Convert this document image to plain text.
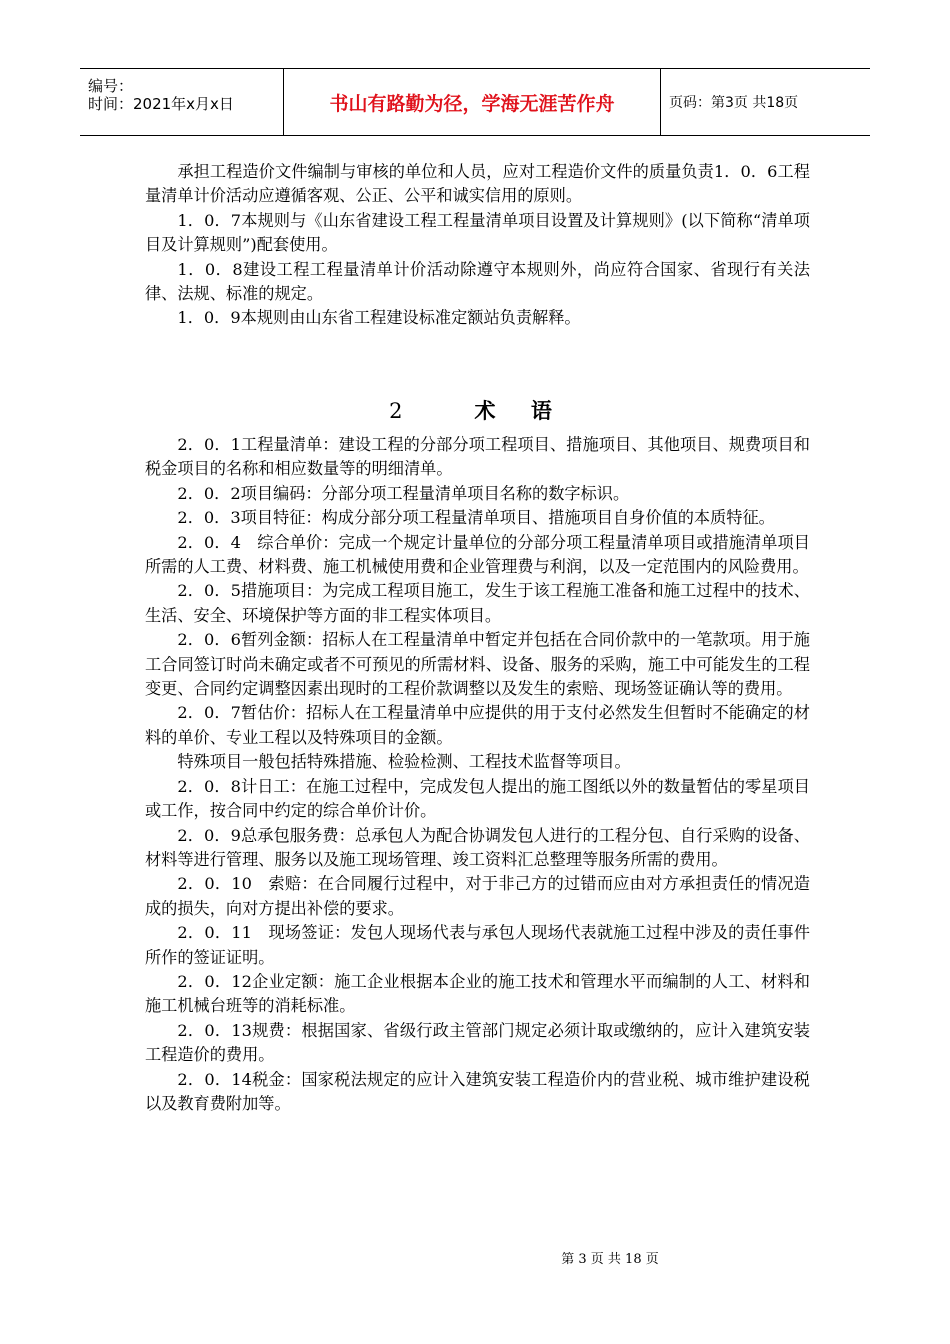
编号：
时间：2021年x月x日	书山有路勤为径，学海无涯苦作舟	页码：第3页 共18页

承担工程造价文件编制与审核的单位和人员，应对工程造价文件的质量负责1．0．6工程量清单计价活动应遵循客观、公正、公平和诚实信用的原则。

1．0．7本规则与《山东省建设工程工程量清单项目设置及计算规则》(以下简称“清单项目及计算规则”)配套使用。

1．0．8建设工程工程量清单计价活动除遵守本规则外，尚应符合国家、省现行有关法律、法规、标准的规定。

1．0．9本规则由山东省工程建设标准定额站负责解释。

2	术 语

2．0．1工程量清单：建设工程的分部分项工程项目、措施项目、其他项目、规费项目和税金项目的名称和相应数量等的明细清单。

2．0．2项目编码：分部分项工程量清单项目名称的数字标识。

2．0．3项目特征：构成分部分项工程量清单项目、措施项目自身价值的本质特征。

2．0．4　综合单价：完成一个规定计量单位的分部分项工程量清单项目或措施清单项目所需的人工费、材料费、施工机械使用费和企业管理费与利润，以及一定范围内的风险费用。

2．0．5措施项目：为完成工程项目施工，发生于该工程施工准备和施工过程中的技术、生活、安全、环境保护等方面的非工程实体项目。

2．0．6暂列金额：招标人在工程量清单中暂定并包括在合同价款中的一笔款项。用于施工合同签订时尚未确定或者不可预见的所需材料、设备、服务的采购，施工中可能发生的工程变更、合同约定调整因素出现时的工程价款调整以及发生的索赔、现场签证确认等的费用。

2．0．7暂估价：招标人在工程量清单中应提供的用于支付必然发生但暂时不能确定的材料的单价、专业工程以及特殊项目的金额。

特殊项目一般包括特殊措施、检验检测、工程技术监督等项目。

2．0．8计日工：在施工过程中，完成发包人提出的施工图纸以外的数量暂估的零星项目或工作，按合同中约定的综合单价计价。

2．0．9总承包服务费：总承包人为配合协调发包人进行的工程分包、自行采购的设备、材料等进行管理、服务以及施工现场管理、竣工资料汇总整理等服务所需的费用。

2．0．10　索赔：在合同履行过程中，对于非己方的过错而应由对方承担责任的情况造成的损失，向对方提出补偿的要求。

2．0．11　现场签证：发包人现场代表与承包人现场代表就施工过程中涉及的责任事件所作的签证证明。

2．0．12企业定额：施工企业根据本企业的施工技术和管理水平而编制的人工、材料和施工机械台班等的消耗标准。

2．0．13规费：根据国家、省级行政主管部门规定必须计取或缴纳的，应计入建筑安装工程造价的费用。

2．0．14税金：国家税法规定的应计入建筑安装工程造价内的营业税、城市维护建设税以及教育费附加等。

第 3 页 共 18 页
